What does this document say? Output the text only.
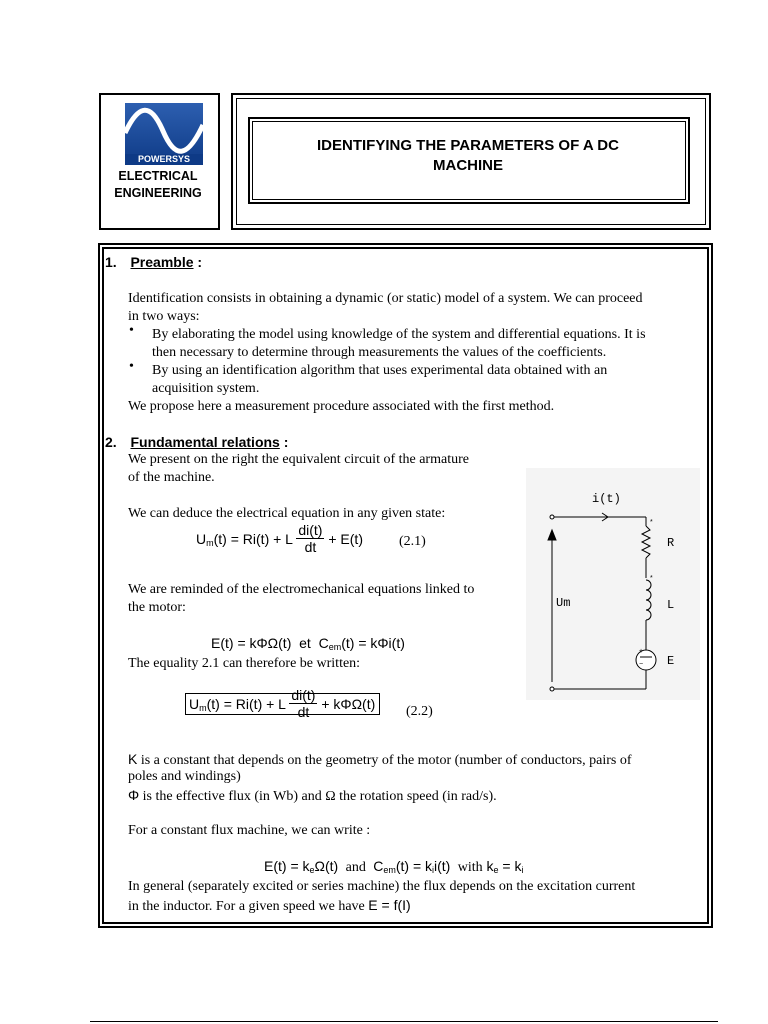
POWERSYS
ELECTRICAL
ENGINEERING
IDENTIFYING THE PARAMETERS OF A DC
MACHINE
1. Preamble :
Identification consists in obtaining a dynamic (or static) model of a system. We can proceed
in two ways:
• By elaborating the model using knowledge of the system and differential equations. It is
then necessary to determine through measurements the values of the coefficients.
• By using an identification algorithm that uses experimental data obtained with an
acquisition system.
We propose here a measurement procedure associated with the first method.
2. Fundamental relations :
We present on the right the equivalent circuit of the armature
of the machine.
We can deduce the electrical equation in any given state:
Um(t) = Ri(t) + L $\frac{di(t)}{dt} + E(t)$	(2.1)
We are reminded of the electromechanical equations linked to
the motor:
E(t) = kΦΩ(t)  et  Cem(t) = kΦi(t)
The equality 2.1 can therefore be written:
Um(t) = Ri(t) + L $\frac{di(t)}{dt} + k\Phi\Omega(t)$	(2.2)
K is a constant that depends on the geometry of the motor (number of conductors, pairs of
poles and windings)
Φ is the effective flux (in Wb) and Ω the rotation speed (in rad/s).
For a constant flux machine, we can write :
E(t) = keΩ(t)  and  Cem(t) = kii(t)  with ke = ki
In general (separately excited or series machine) the flux depends on the excitation current
in the inductor. For a given speed we have E = f(I)
+
−
*
*
i(t)
R
L
E
Um
